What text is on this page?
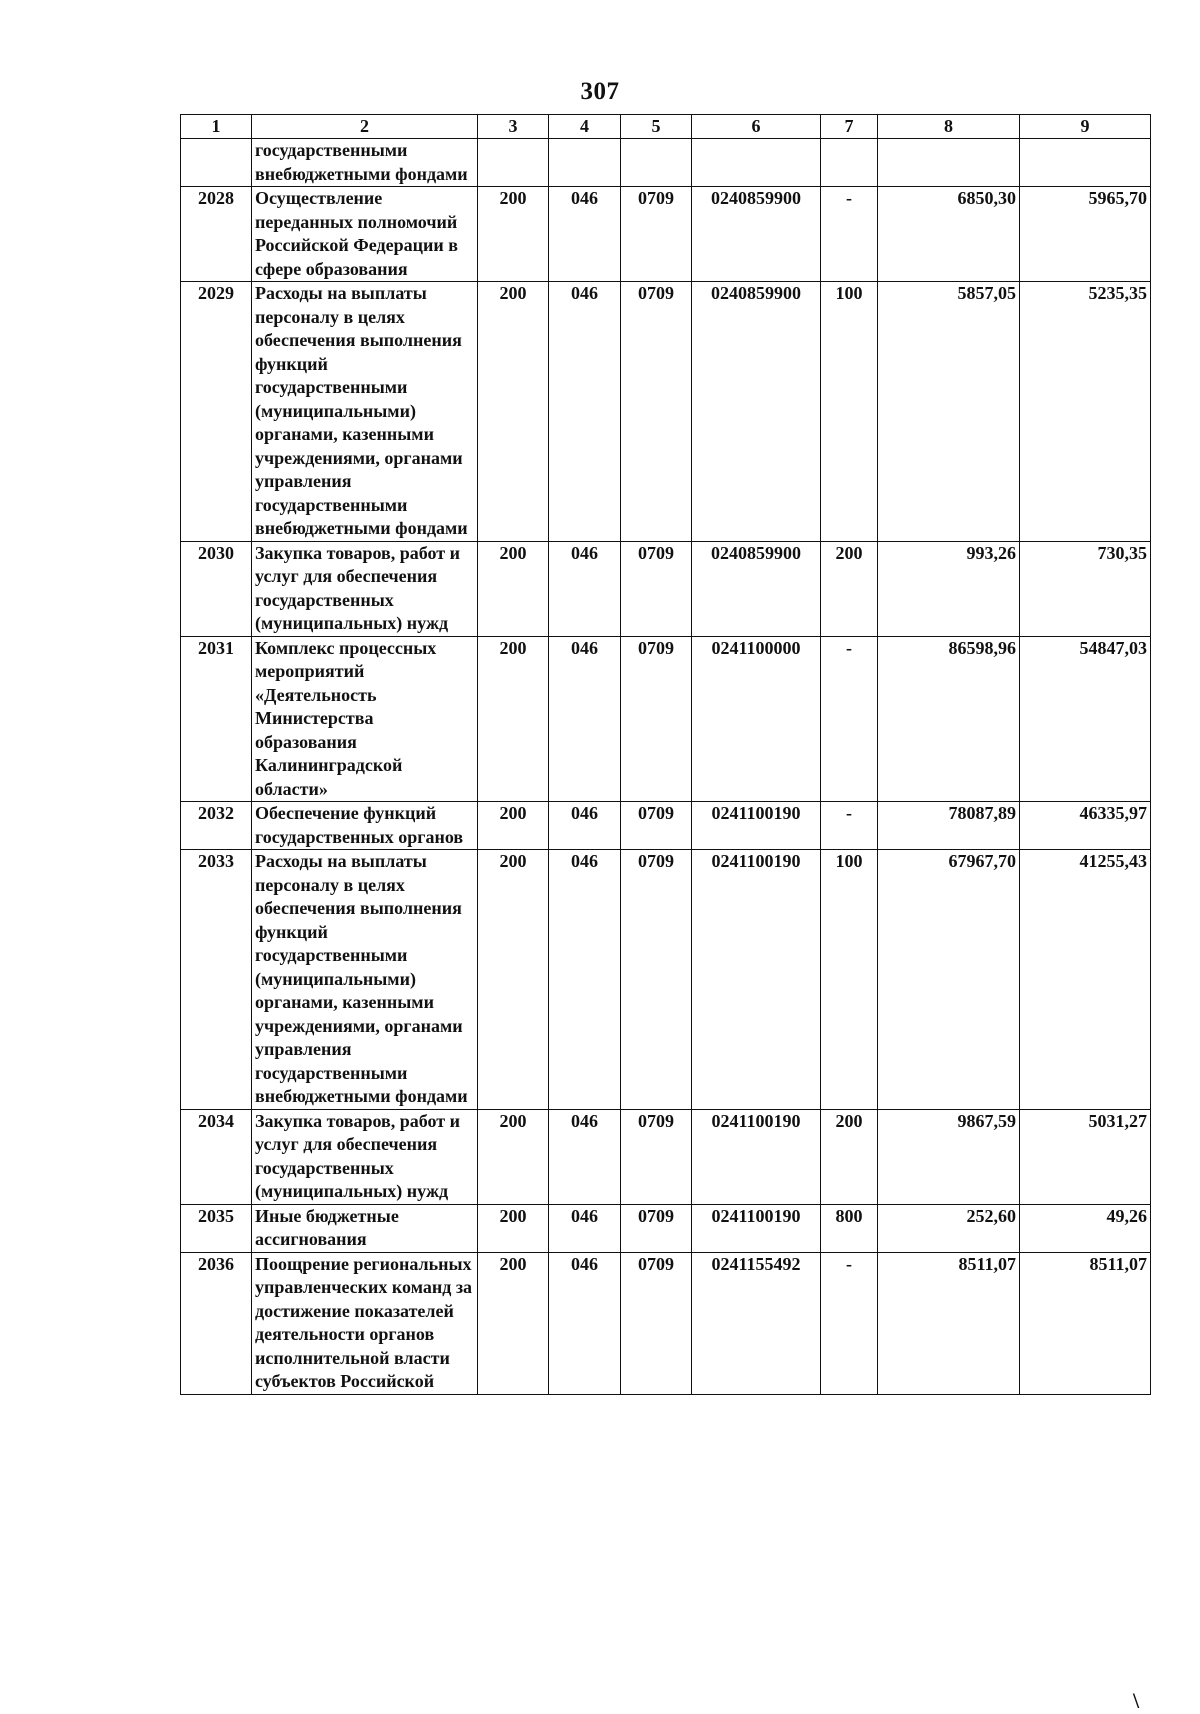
307
1	2	3	4	5	6	7	8	9
	государственными внебюджетными фондами							
2028	Осуществление переданных полномочий Российской Федерации в сфере образования	200	046	0709	0240859900	-	6850,30	5965,70
2029	Расходы на выплаты персоналу в целях обеспечения выполнения функций государственными (муниципальными) органами, казенными учреждениями, органами управления государственными внебюджетными фондами	200	046	0709	0240859900	100	5857,05	5235,35
2030	Закупка товаров, работ и услуг для обеспечения государственных (муниципальных) нужд	200	046	0709	0240859900	200	993,26	730,35
2031	Комплекс процессных мероприятий «Деятельность Министерства образования Калининградской области»	200	046	0709	0241100000	-	86598,96	54847,03
2032	Обеспечение функций государственных органов	200	046	0709	0241100190	-	78087,89	46335,97
2033	Расходы на выплаты персоналу в целях обеспечения выполнения функций государственными (муниципальными) органами, казенными учреждениями, органами управления государственными внебюджетными фондами	200	046	0709	0241100190	100	67967,70	41255,43
2034	Закупка товаров, работ и услуг для обеспечения государственных (муниципальных) нужд	200	046	0709	0241100190	200	9867,59	5031,27
2035	Иные бюджетные ассигнования	200	046	0709	0241100190	800	252,60	49,26
2036	Поощрение региональных управленческих команд за достижение показателей деятельности органов исполнительной власти субъектов Российской	200	046	0709	0241155492	-	8511,07	8511,07
\
